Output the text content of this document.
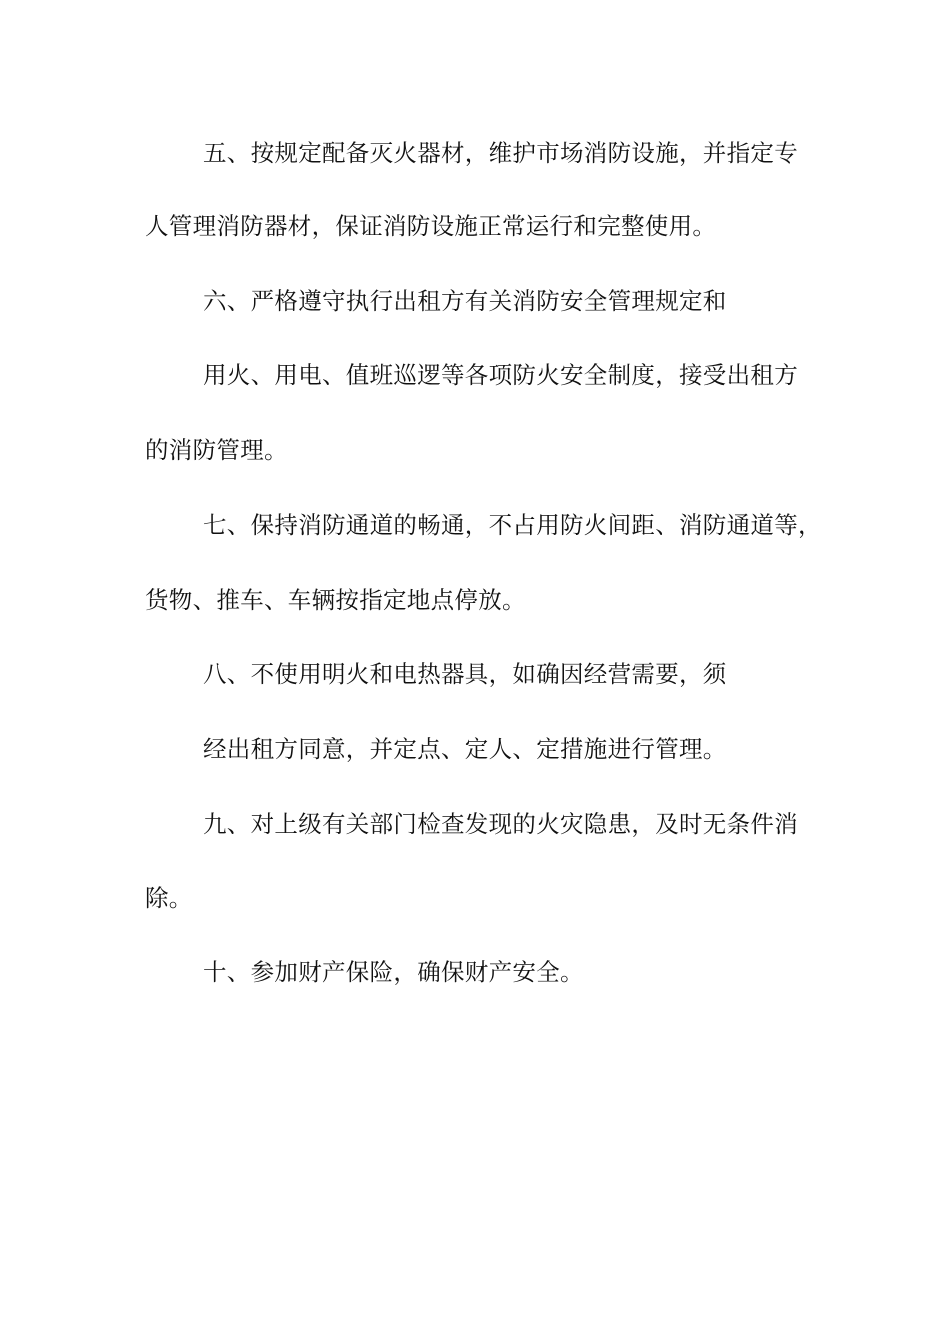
五、按规定配备灭火器材，维护市场消防设施，并指定专
人管理消防器材，保证消防设施正常运行和完整使用。
六、严格遵守执行出租方有关消防安全管理规定和
用火、用电、值班巡逻等各项防火安全制度，接受出租方
的消防管理。
七、保持消防通道的畅通，不占用防火间距、消防通道等，
货物、推车、车辆按指定地点停放。
八、不使用明火和电热器具，如确因经营需要，须
经出租方同意，并定点、定人、定措施进行管理。
九、对上级有关部门检查发现的火灾隐患，及时无条件消
除。
十、参加财产保险，确保财产安全。
